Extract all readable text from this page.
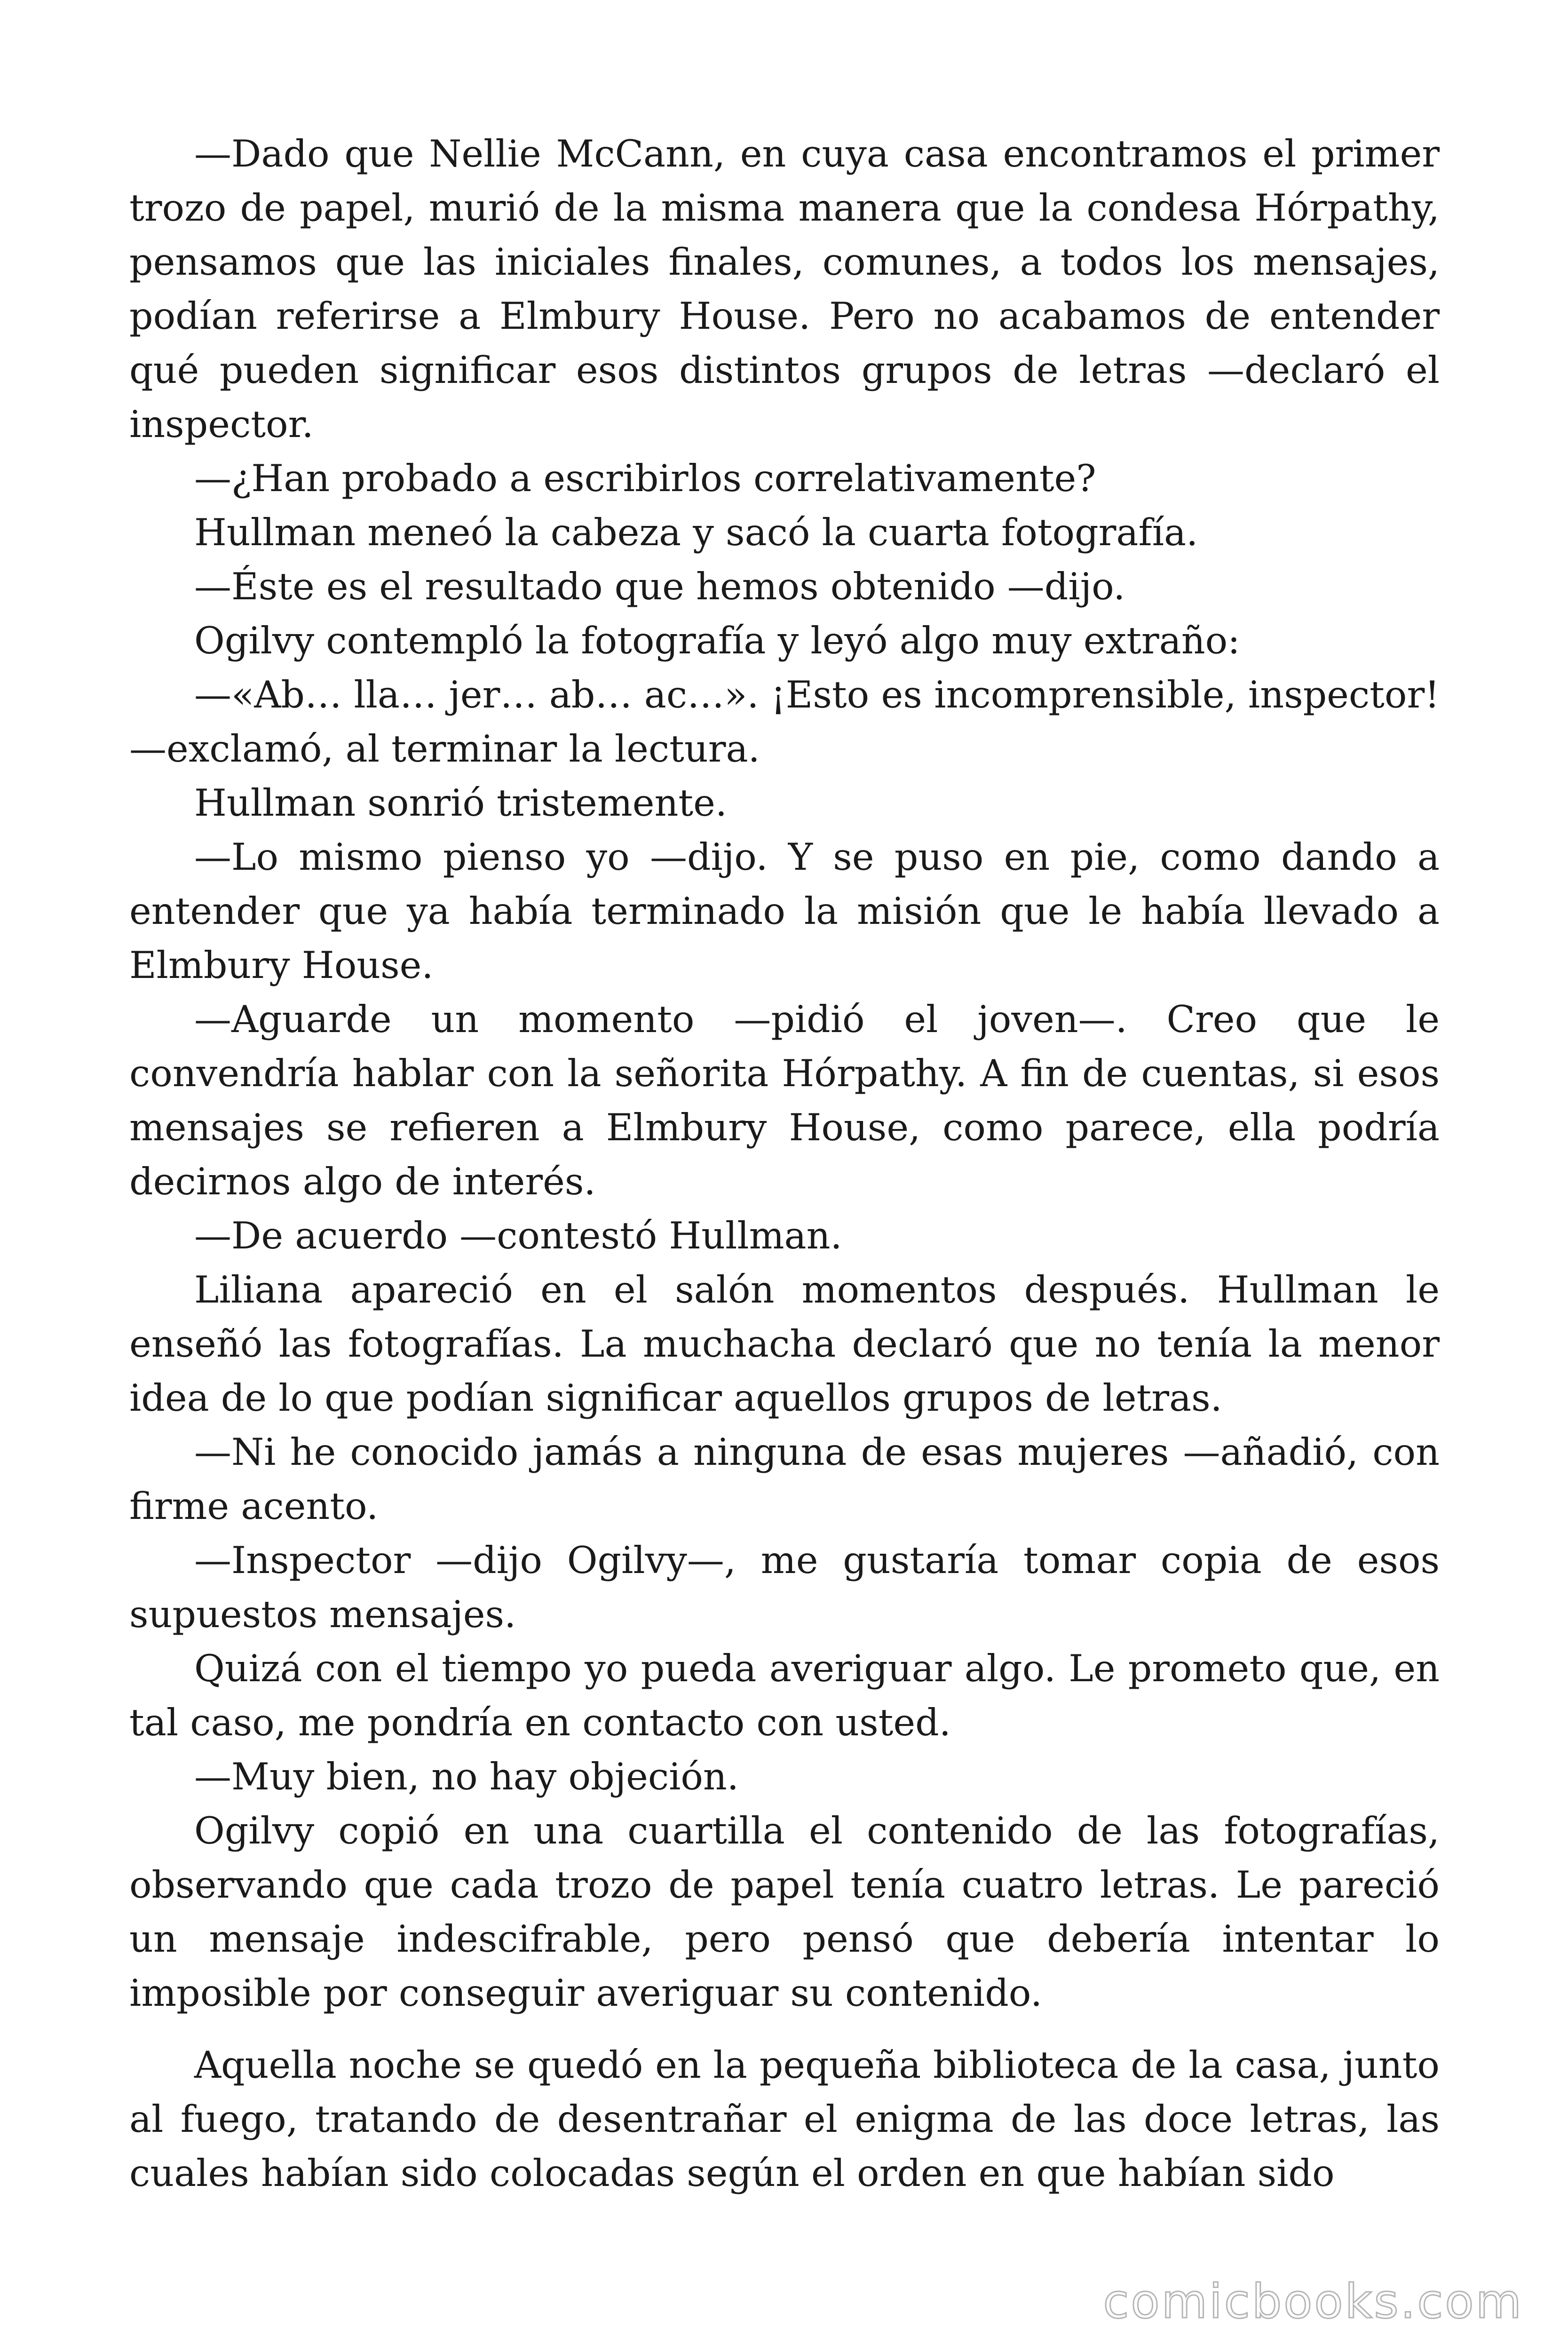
—Dado que Nellie McCann, en cuya casa encontramos el primer trozo de papel, murió de la misma manera que la condesa Hórpathy, pensamos que las iniciales finales, comunes, a todos los mensajes, podían referirse a Elmbury House. Pero no acabamos de entender qué pueden significar esos distintos grupos de letras —declaró el inspector.

—¿Han probado a escribirlos correlativamente?

Hullman meneó la cabeza y sacó la cuarta fotografía.

—Éste es el resultado que hemos obtenido —dijo.

Ogilvy contempló la fotografía y leyó algo muy extraño:

—«Ab… lla… jer… ab… ac…». ¡Esto es incomprensible, inspector! —exclamó, al terminar la lectura.

Hullman sonrió tristemente.

—Lo mismo pienso yo —dijo. Y se puso en pie, como dando a entender que ya había terminado la misión que le había llevado a Elmbury House.

—Aguarde un momento —pidió el joven—. Creo que le convendría hablar con la señorita Hórpathy. A fin de cuentas, si esos mensajes se refieren a Elmbury House, como parece, ella podría decirnos algo de interés.

—De acuerdo —contestó Hullman.

Liliana apareció en el salón momentos después. Hullman le enseñó las fotografías. La muchacha declaró que no tenía la menor idea de lo que podían significar aquellos grupos de letras.

—Ni he conocido jamás a ninguna de esas mujeres —añadió, con firme acento.

—Inspector —dijo Ogilvy—, me gustaría tomar copia de esos supuestos mensajes.

Quizá con el tiempo yo pueda averiguar algo. Le prometo que, en tal caso, me pondría en contacto con usted.

—Muy bien, no hay objeción.

Ogilvy copió en una cuartilla el contenido de las fotografías, observando que cada trozo de papel tenía cuatro letras. Le pareció un mensaje indescifrable, pero pensó que debería intentar lo imposible por conseguir averiguar su contenido.

Aquella noche se quedó en la pequeña biblioteca de la casa, junto al fuego, tratando de desentrañar el enigma de las doce letras, las cuales habían sido colocadas según el orden en que habían sido

comicbooks.com
